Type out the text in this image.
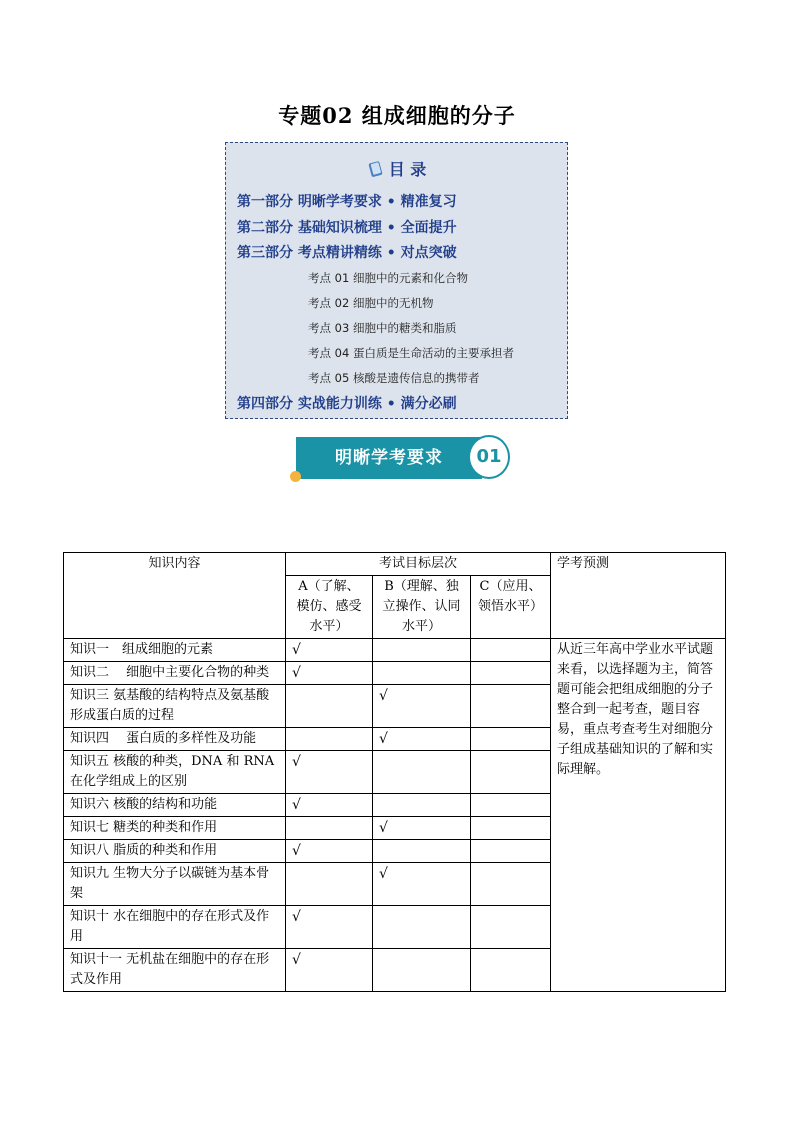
专题02 组成细胞的分子
目 录
第一部分 明晰学考要求 • 精准复习
第二部分 基础知识梳理 • 全面提升
第三部分 考点精讲精练 • 对点突破
考点 01 细胞中的元素和化合物
考点 02 细胞中的无机物
考点 03 细胞中的糖类和脂质
考点 04 蛋白质是生命活动的主要承担者
考点 05 核酸是遗传信息的携带者
第四部分 实战能力训练 • 满分必刷
明晰学考要求	01
知识内容	考试目标层次			学考预测
	A（了解、模仿、感受水平）	B（理解、独立操作、认同水平）	C（应用、领悟水平）	
知识一　组成细胞的元素	√			从近三年高中学业水平试题来看，以选择题为主，简答题可能会把组成细胞的分子整合到一起考查，题目容易，重点考查考生对细胞分子组成基础知识的了解和实际理解。
知识二　 细胞中主要化合物的种类	√			
知识三 氨基酸的结构特点及氨基酸形成蛋白质的过程		√		
知识四　 蛋白质的多样性及功能		√		
知识五 核酸的种类，DNA 和 RNA 在化学组成上的区别	√			
知识六 核酸的结构和功能	√			
知识七 糖类的种类和作用		√		
知识八 脂质的种类和作用	√			
知识九 生物大分子以碳链为基本骨架		√		
知识十 水在细胞中的存在形式及作用	√			
知识十一 无机盐在细胞中的存在形式及作用	√			
